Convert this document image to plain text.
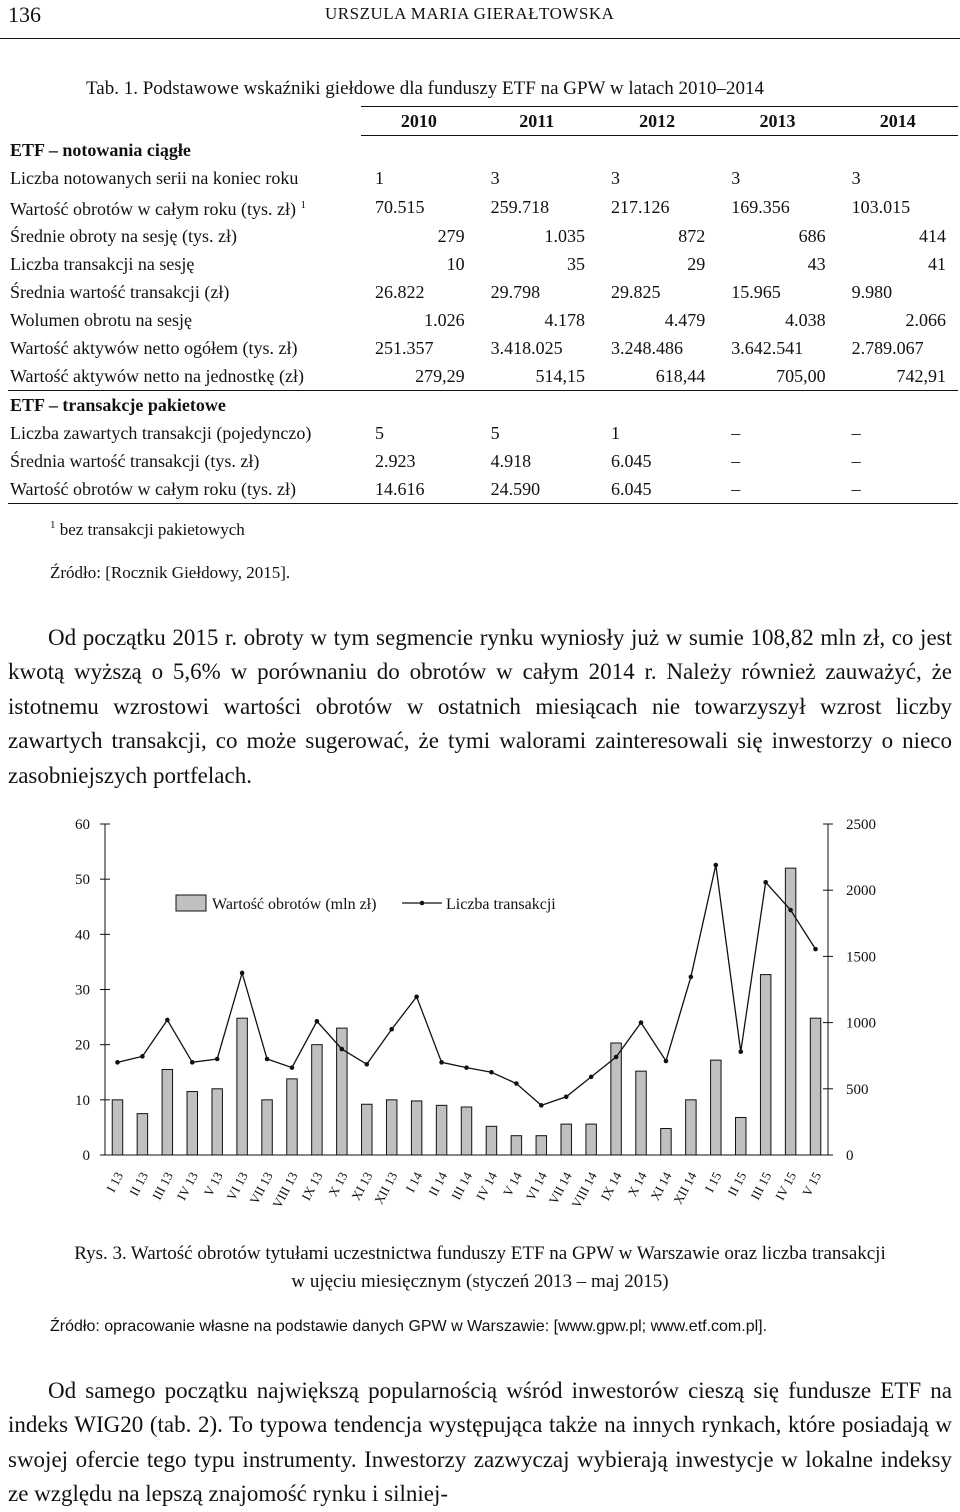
136	URSZULA MARIA GIERAŁTOWSKA
Tab. 1. Podstawowe wskaźniki giełdowe dla funduszy ETF na GPW w latach 2010–2014
	2010	2011	2012	2013	2014
ETF – notowania ciągłe					
Liczba notowanych serii na koniec roku	1	3	3	3	3
Wartość obrotów w całym roku (tys. zł) $^1$	70.515	259.718	217.126	169.356	103.015
Średnie obroty na sesję (tys. zł)	279	1.035	872	686	414
Liczba transakcji na sesję	10	35	29	43	41
Średnia wartość transakcji (zł)	26.822	29.798	29.825	15.965	9.980
Wolumen obrotu na sesję	1.026	4.178	4.479	4.038	2.066
Wartość aktywów netto ogółem (tys. zł)	251.357	3.418.025	3.248.486	3.642.541	2.789.067
Wartość aktywów netto na jednostkę (zł)	279,29	514,15	618,44	705,00	742,91
ETF – transakcje pakietowe					
Liczba zawartych transakcji (pojedynczo)	5	5	1	–	–
Średnia wartość transakcji (tys. zł)	2.923	4.918	6.045	–	–
Wartość obrotów w całym roku (tys. zł)	14.616	24.590	6.045	–	–
$^1$ bez transakcji pakietowych
Źródło: [Rocznik Giełdowy, 2015].
Od początku 2015 r. obroty w tym segmencie rynku wyniosły już w sumie 108,82 mln zł, co jest kwotą wyższą o 5,6% w porównaniu do obrotów w całym 2014 r. Należy również zauważyć, że istotnemu wzrostowi wartości obrotów w ostatnich miesiącach nie towarzyszył wzrost liczby zawartych transakcji, co może sugerować, że tymi walorami zainteresowali się inwestorzy o nieco zasobniejszych portfelach.
0
10
20
30
40
50
60
0
500
1000
1500
2000
2500
I 13 II 13
III 13
IV 13 V 13
VI 13
VII 13
VIII 13
IX 13 X 13
XI 13
XII 13 I 14 II 14
III 14
IV 14 V 14
VI 14
VII 14
VIII 14
IX 14 X 14
XI 14
XII 14 I 15 II 15
III 15
IV 15 V 15
Wartość obrotów (mln zł)	Liczba transakcji
Rys. 3. Wartość obrotów tytułami uczestnictwa funduszy ETF na GPW w Warszawie oraz liczba transakcji
w ujęciu miesięcznym (styczeń 2013 – maj 2015)
Źródło: opracowanie własne na podstawie danych GPW w Warszawie: [www.gpw.pl; www.etf.com.pl].
Od samego początku największą popularnością wśród inwestorów cieszą się fundusze ETF na indeks WIG20 (tab. 2). To typowa tendencja występująca także na innych rynkach, które posiadają w swojej ofercie tego typu instrumenty. Inwestorzy zazwyczaj wybierają inwestycje w lokalne indeksy ze względu na lepszą znajomość rynku i silniej-
